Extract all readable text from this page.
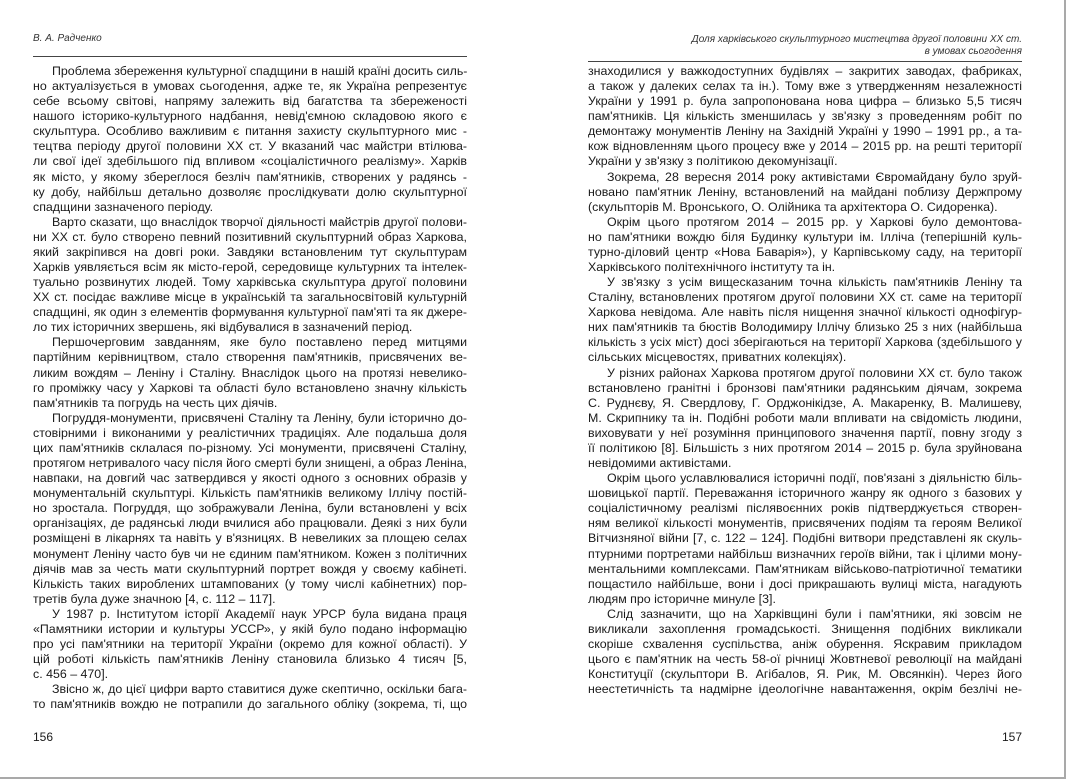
В. А. Радченко
Проблема збереження культурної спадщини в нашій країні досить силь-
но актуалізується в умовах сьогодення, адже те, як Україна репрезентує
себе всьому світові, напряму залежить від багатства та збереженості
нашого історико-культурного надбання, невід'ємною складовою якого є
скульптура. Особливо важливим є питання захисту скульптурного мис -
тецтва періоду другої половини XX ст. У вказаний час майстри втілюва-
ли свої ідеї здебільшого під впливом «соціалістичного реалізму». Харків
як місто, у якому збереглося безліч пам'ятників, створених у радянсь -
ку добу, найбільш детально дозволяє прослідкувати долю скульптурної
спадщини зазначеного періоду.
Варто сказати, що внаслідок творчої діяльності майстрів другої полови-
ни XX ст. було створено певний позитивний скульптурний образ Харкова,
який закріпився на довгі роки. Завдяки встановленим тут скульптурам
Харків уявляється всім як місто-герой, середовище культурних та інтелек-
туально розвинутих людей. Тому харківська скульптура другої половини
XX ст. посідає важливе місце в українській та загальносвітовій культурній
спадщині, як один з елементів формування культурної пам'яті та як джере-
ло тих історичних звершень, які відбувалися в зазначений період.
Першочерговим завданням, яке було поставлено перед митцями
партійним керівництвом, стало створення пам'ятників, присвячених ве-
ликим вождям – Леніну і Сталіну. Внаслідок цього на протязі невелико-
го проміжку часу у Харкові та області було встановлено значну кількість
пам'ятників та погрудь на честь цих діячів.
Погруддя-монументи, присвячені Сталіну та Леніну, були історично до-
стовірними і виконаними у реалістичних традиціях. Але подальша доля
цих пам'ятників склалася по-різному. Усі монументи, присвячені Сталіну,
протягом нетривалого часу після його смерті були знищені, а образ Леніна,
навпаки, на довгий час затвердився у якості одного з основних образів у
монументальній скульптурі. Кількість пам'ятників великому Іллічу постій-
но зростала. Погруддя, що зображували Леніна, були встановлені у всіх
організаціях, де радянські люди вчилися або працювали. Деякі з них були
розміщені в лікарнях та навіть у в'язницях. В невеликих за площею селах
монумент Леніну часто був чи не єдиним пам'ятником. Кожен з політичних
діячів мав за честь мати скульптурний портрет вождя у своєму кабінеті.
Кількість таких вироблених штампованих (у тому числі кабінетних) пор-
третів була дуже значною [4, с. 112 – 117].
У 1987 р. Інститутом історії Академії наук УРСР була видана праця
«Памятники истории и культуры УССР», у якій було подано інформацію
про усі пам'ятники на території України (окремо для кожної області). У
цій роботі кількість пам'ятників Леніну становила близько 4 тисяч [5,
с. 456 – 470].
Звісно ж, до цієї цифри варто ставитися дуже скептично, оскільки бага-
то пам'ятників вождю не потрапили до загального обліку (зокрема, ті, що
156
Доля харківського скульптурного мистецтва другої половини XX ст.
в умовах сьогодення
знаходилися у важкодоступних будівлях – закритих заводах, фабриках,
а також у далеких селах та ін.). Тому вже з утвердженням незалежності
України у 1991 р. була запропонована нова цифра – близько 5,5 тисяч
пам'ятників. Ця кількість зменшилась у зв'язку з проведенням робіт по
демонтажу монументів Леніну на Західній Україні у 1990 – 1991 рр., а та-
кож відновленням цього процесу вже у 2014 – 2015 рр. на решті території
України у зв'язку з політикою декомунізації.
Зокрема, 28 вересня 2014 року активістами Євромайдану було зруй-
новано пам'ятник Леніну, встановлений на майдані поблизу Держпрому
(скульпторів М. Вронського, О. Олійника та архітектора О. Сидоренка).
Окрім цього протягом 2014 – 2015 рр. у Харкові було демонтова-
но пам'ятники вождю біля Будинку культури ім. Ілліча (теперішній куль-
турно-діловий центр «Нова Баварія»), у Карпівському саду, на території
Харківського політехнічного інституту та ін.
У зв'язку з усім вищесказаним точна кількість пам'ятників Леніну та
Сталіну, встановлених протягом другої половини XX ст. саме на території
Харкова невідома. Але навіть після нищення значної кількості однофігур-
них пам'ятників та бюстів Володимиру Іллічу близько 25 з них (найбільша
кількість з усіх міст) досі зберігаються на території Харкова (здебільшого у
сільських місцевостях, приватних колекціях).
У різних районах Харкова протягом другої половини XX ст. було також
встановлено гранітні і бронзові пам'ятники радянським діячам, зокрема
С. Руднєву, Я. Свердлову, Г. Орджонікідзе, А. Макаренку, В. Малишеву,
М. Скрипнику та ін. Подібні роботи мали впливати на свідомість людини,
виховувати у неї розуміння принципового значення партії, повну згоду з
її політикою [8]. Більшість з них протягом 2014 – 2015 р. була зруйнована
невідомими активістами.
Окрім цього уславлювалися історичні події, пов'язані з діяльністю біль-
шовицької партії. Переважання історичного жанру як одного з базових у
соціалістичному реалізмі післявоєнних років підтверджується створен-
ням великої кількості монументів, присвячених подіям та героям Великої
Вітчизняної війни [7, с. 122 – 124]. Подібні витвори представлені як скуль-
птурними портретами найбільш визначних героїв війни, так і цілими мону-
ментальними комплексами. Пам'ятникам військово-патріотичної тематики
пощастило найбільше, вони і досі прикрашають вулиці міста, нагадують
людям про історичне минуле [3].
Слід зазначити, що на Харківщині були і пам'ятники, які зовсім не
викликали захоплення громадськості. Знищення подібних викликали
скоріше схвалення суспільства, аніж обурення. Яскравим прикладом
цього є пам'ятник на честь 58-ої річниці Жовтневої революції на майдані
Конституції (скульптори В. Агібалов, Я. Рик, М. Овсянкін). Через його
неестетичність та надмірне ідеологічне навантаження, окрім безлічі не-
157
